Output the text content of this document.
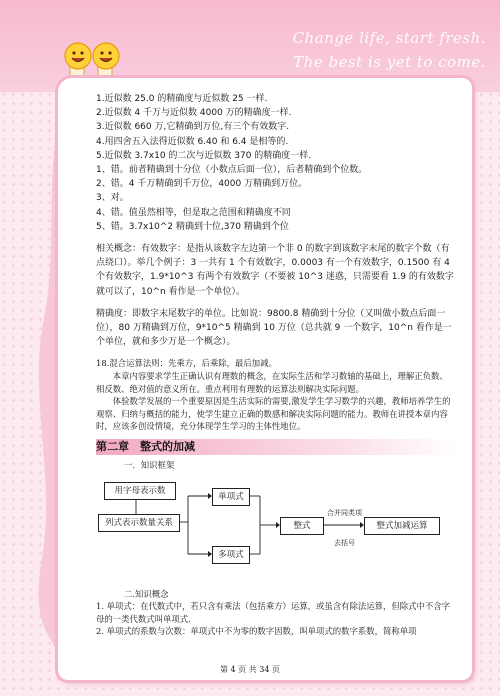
Change life, start fresh.
The best is yet to come.

1.近似数 25.0 的精确度与近似数 25 一样.

2.近似数 4 千万与近似数 4000 万的精确度一样.

3.近似数 660 万,它精确到万位,有三个有效数字.

4.用四舍五入法得近似数 6.40 和 6.4 是相等的.

5.近似数 3.7x10 的二次与近似数 370 的精确度一样.

1、错。前者精确到十分位（小数点后面一位），后者精确到个位数。

2、错。4 千万精确到千万位，4000 万精确到万位。

3、对。

4、错。值虽然相等，但是取之范围和精确度不同

5、错。3.7x10^2 精确到十位,370 精确到个位

相关概念：有效数字：是指从该数字左边第一个非 0 的数字到该数字末尾的数字个数（有点绕口）。举几个例子：3 一共有 1 个有效数字，0.0003 有一个有效数字，0.1500 有 4 个有效数字，1.9*10^3 有两个有效数字（不要被 10^3 迷惑，只需要看 1.9 的有效数字就可以了，10^n 看作是一个单位）。

精确度：即数字末尾数字的单位。比如说：9800.8 精确到十分位（又叫做小数点后面一位），80 万精确到万位，9*10^5 精确到 10 万位（总共就 9 一个数字，10^n 看作是一个单位，就和多少万是一个概念）。

18.混合运算法则：先乘方，后乘除，最后加减。

本章内容要求学生正确认识有理数的概念，在实际生活和学习数轴的基础上，理解正负数、相反数、绝对值的意义所在。重点利用有理数的运算法则解决实际问题。

体验数学发展的一个重要原因是生活实际的需要,激发学生学习数学的兴趣，教师培养学生的观察、归纳与概括的能力，使学生建立正确的数感和解决实际问题的能力。教师在讲授本章内容时，应该多创设情境，充分体现学生学习的主体性地位。

第二章　整式的加减

一．知识框架

用字母表示数
列式表示数量关系
单项式
多项式
整式	整式加减运算
合并同类项
去括号

二.知识概念

1. 单项式：在代数式中，若只含有乘法（包括乘方）运算，或虽含有除法运算，但除式中不含字母的一类代数式叫单项式.

2. 单项式的系数与次数：单项式中不为零的数字因数，叫单项式的数字系数，简称单项

第 4 页 共 34 页
